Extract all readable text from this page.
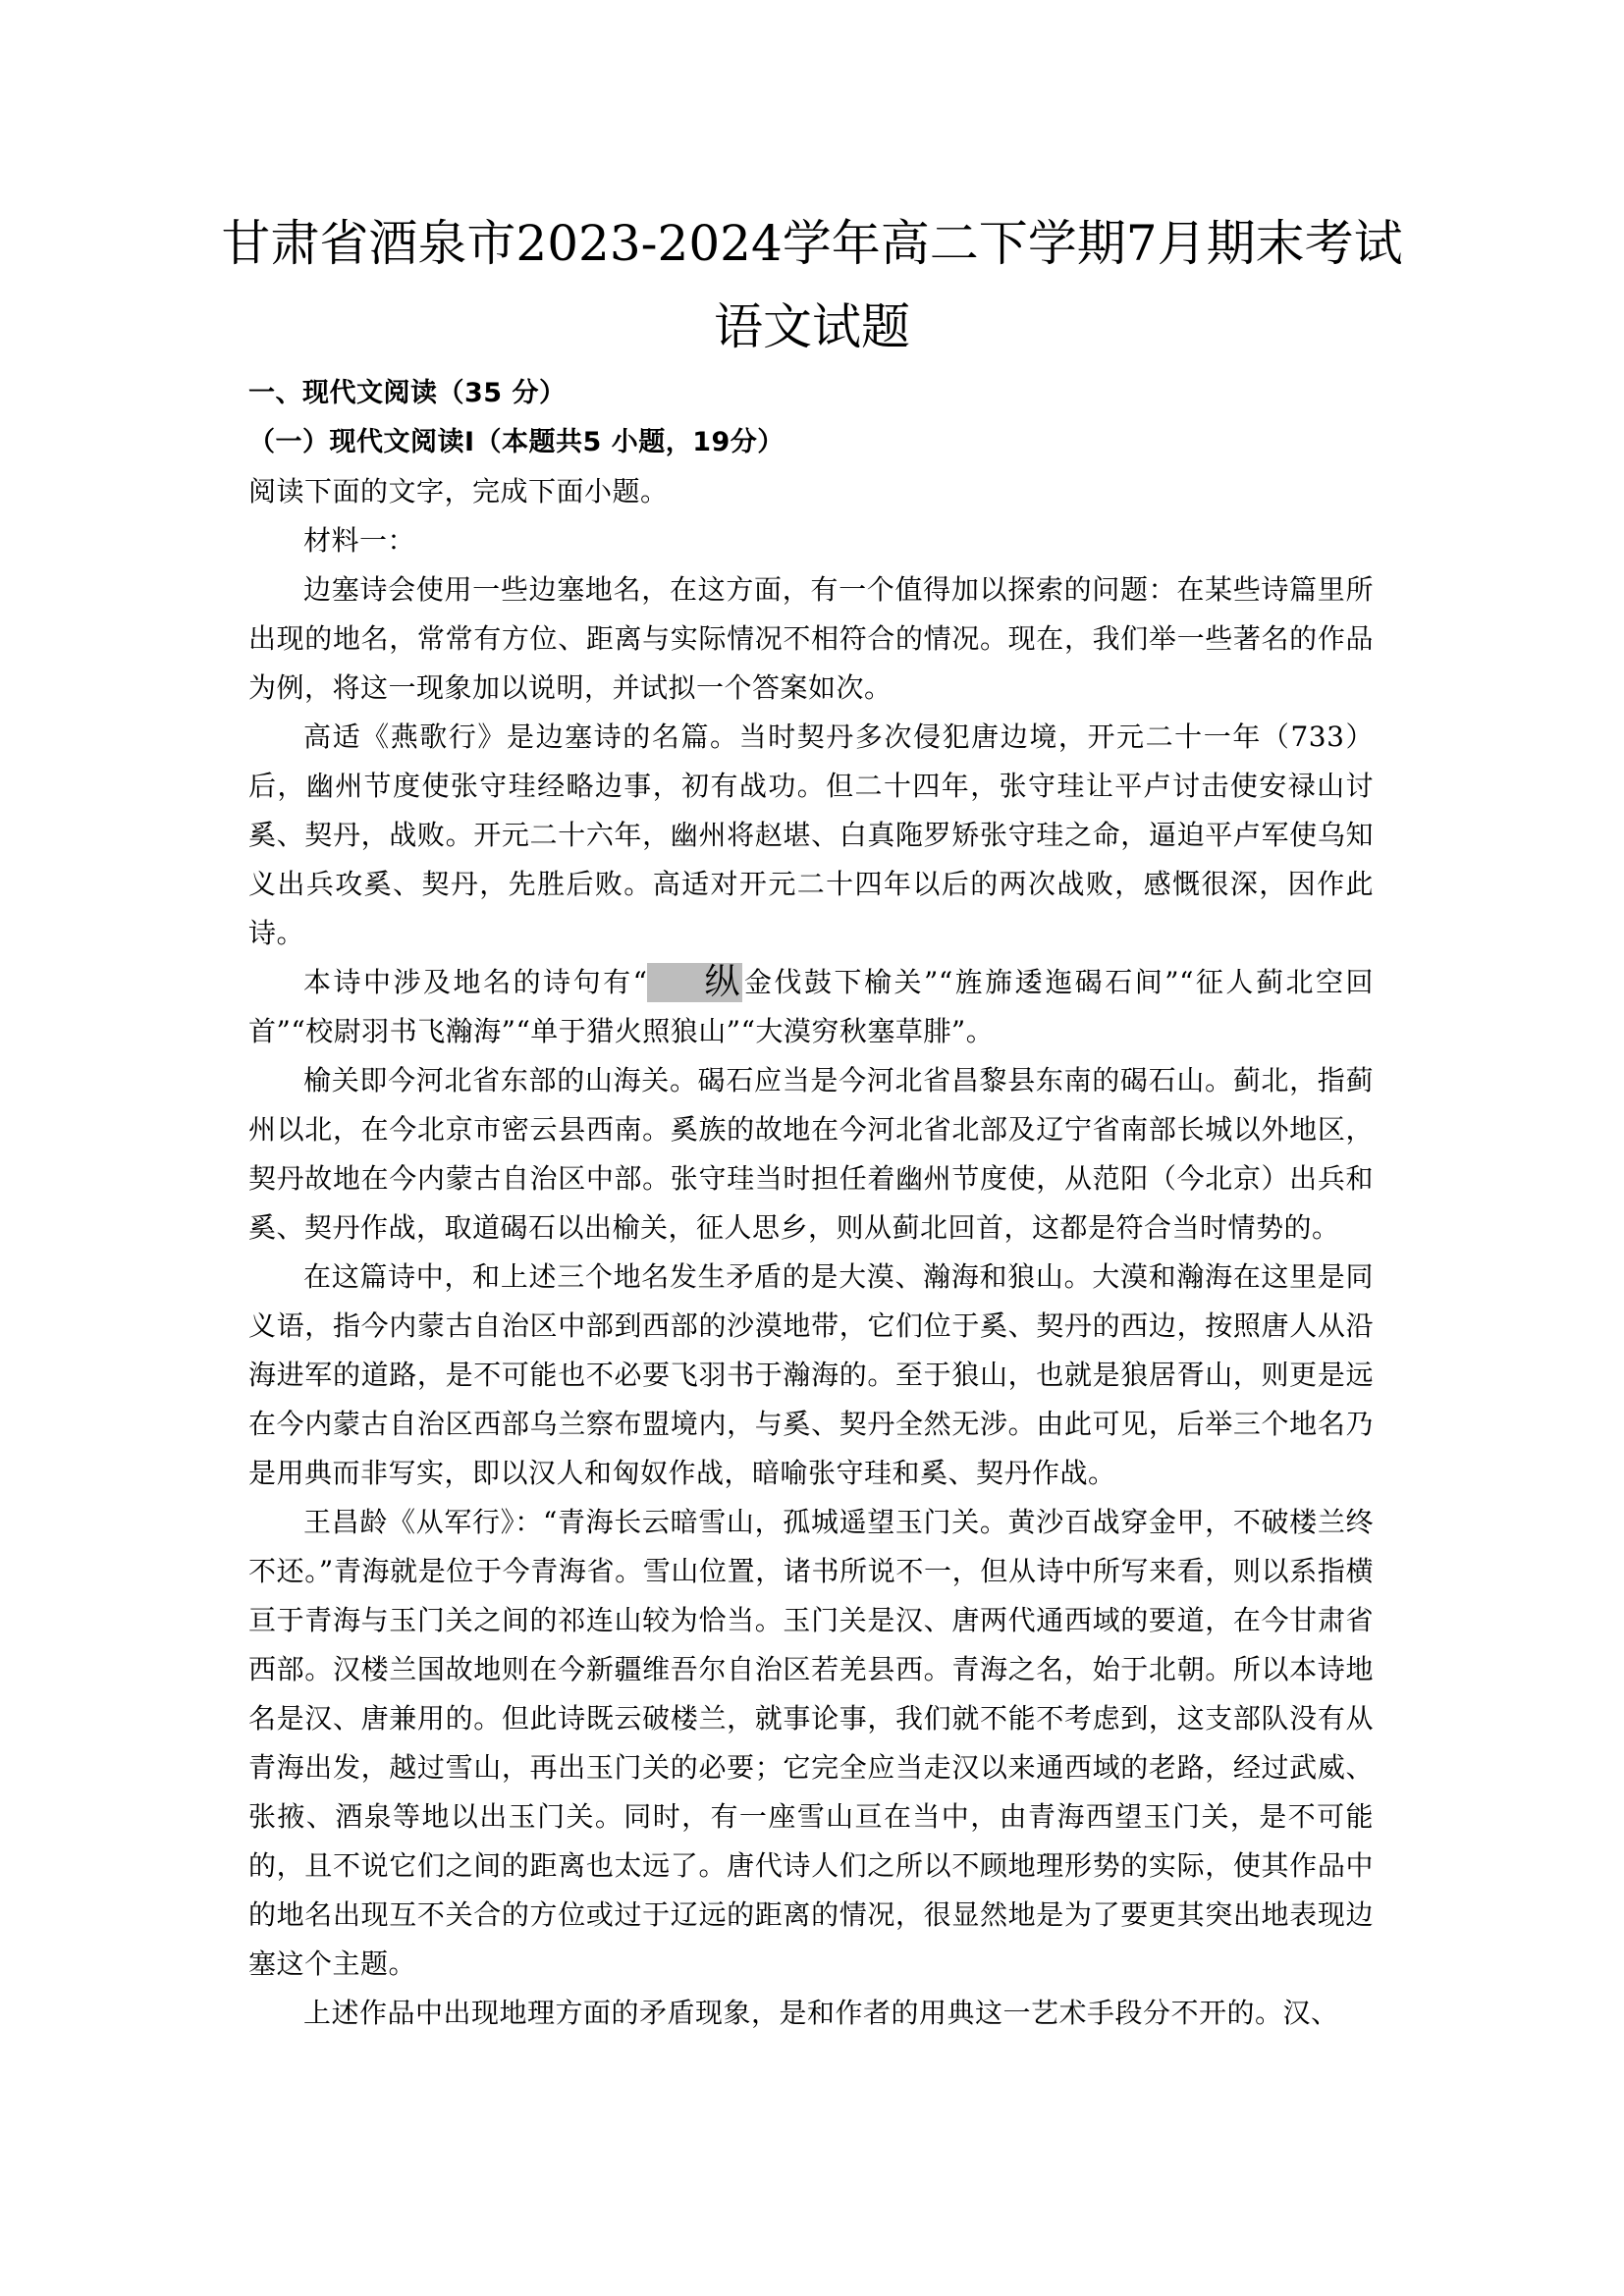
甘肃省酒泉市2023-2024学年高二下学期7月期末考试
语文试题

一、现代文阅读（35 分）

（一）现代文阅读Ⅰ（本题共5 小题，19分）

阅读下面的文字，完成下面小题。

材料一：

边塞诗会使用一些边塞地名，在这方面，有一个值得加以探索的问题：在某些诗篇里所出现的地名，常常有方位、距离与实际情况不相符合的情况。现在，我们举一些著名的作品为例，将这一现象加以说明，并试拟一个答案如次。

高适《燕歌行》是边塞诗的名篇。当时契丹多次侵犯唐边境，开元二十一年（733）后，幽州节度使张守珪经略边事，初有战功。但二十四年，张守珪让平卢讨击使安禄山讨奚、契丹，战败。开元二十六年，幽州将赵堪、白真陁罗矫张守珪之命，逼迫平卢军使乌知义出兵攻奚、契丹，先胜后败。高适对开元二十四年以后的两次战败，感慨很深，因作此诗。

本诗中涉及地名的诗句有“ 纵金伐鼓下榆关”“旌旆逶迤碣石间”“征人蓟北空回首”“校尉羽书飞瀚海”“单于猎火照狼山”“大漠穷秋塞草腓”。

榆关即今河北省东部的山海关。碣石应当是今河北省昌黎县东南的碣石山。蓟北，指蓟州以北，在今北京市密云县西南。奚族的故地在今河北省北部及辽宁省南部长城以外地区，契丹故地在今内蒙古自治区中部。张守珪当时担任着幽州节度使，从范阳（今北京）出兵和奚、契丹作战，取道碣石以出榆关，征人思乡，则从蓟北回首，这都是符合当时情势的。

在这篇诗中，和上述三个地名发生矛盾的是大漠、瀚海和狼山。大漠和瀚海在这里是同义语，指今内蒙古自治区中部到西部的沙漠地带，它们位于奚、契丹的西边，按照唐人从沿海进军的道路，是不可能也不必要飞羽书于瀚海的。至于狼山，也就是狼居胥山，则更是远在今内蒙古自治区西部乌兰察布盟境内，与奚、契丹全然无涉。由此可见，后举三个地名乃是用典而非写实，即以汉人和匈奴作战，暗喻张守珪和奚、契丹作战。

王昌龄《从军行》：“青海长云暗雪山，孤城遥望玉门关。黄沙百战穿金甲，不破楼兰终不还。”青海就是位于今青海省。雪山位置，诸书所说不一，但从诗中所写来看，则以系指横亘于青海与玉门关之间的祁连山较为恰当。玉门关是汉、唐两代通西域的要道，在今甘肃省西部。汉楼兰国故地则在今新疆维吾尔自治区若羌县西。青海之名，始于北朝。所以本诗地名是汉、唐兼用的。但此诗既云破楼兰，就事论事，我们就不能不考虑到，这支部队没有从青海出发，越过雪山，再出玉门关的必要；它完全应当走汉以来通西域的老路，经过武威、张掖、酒泉等地以出玉门关。同时，有一座雪山亘在当中，由青海西望玉门关，是不可能的，且不说它们之间的距离也太远了。唐代诗人们之所以不顾地理形势的实际，使其作品中的地名出现互不关合的方位或过于辽远的距离的情况，很显然地是为了要更其突出地表现边塞这个主题。

上述作品中出现地理方面的矛盾现象，是和作者的用典这一艺术手段分不开的。汉、
